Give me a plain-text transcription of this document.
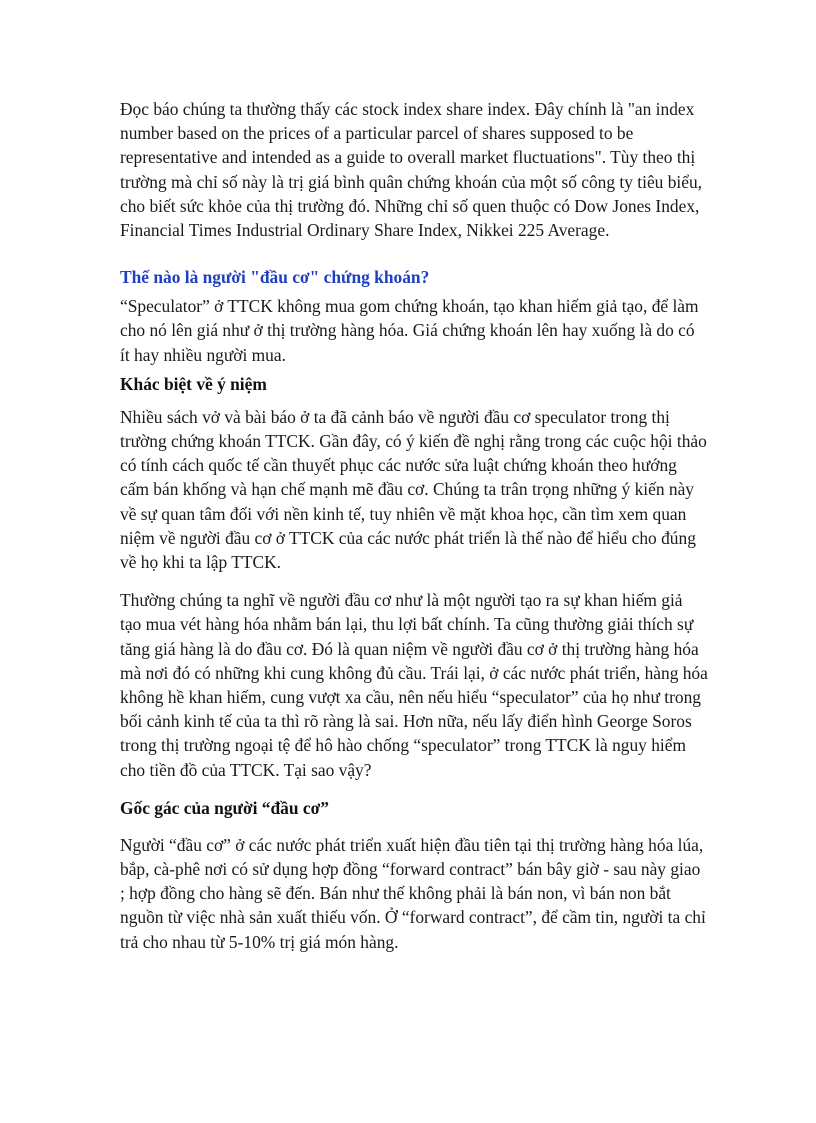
Đọc báo chúng ta thường thấy các stock index share index. Đây chính là "an index number based on the prices of a particular parcel of shares supposed to be representative and intended as a guide to overall market fluctuations". Tùy theo thị trường mà chỉ số này là trị giá bình quân chứng khoán của một số công ty tiêu biểu, cho biết sức khỏe của thị trường đó. Những chỉ số quen thuộc có Dow Jones Index, Financial Times Industrial Ordinary Share Index, Nikkei 225 Average.

Thế nào là người "đầu cơ" chứng khoán?

“Speculator” ở TTCK không mua gom chứng khoán, tạo khan hiếm giả tạo, để làm cho nó lên giá như ở thị trường hàng hóa. Giá chứng khoán lên hay xuống là do có ít hay nhiều người mua.

Khác biệt về ý niệm

Nhiều sách vở và bài báo ở ta đã cảnh báo về người đầu cơ speculator trong thị trường chứng khoán TTCK. Gần đây, có ý kiến đề nghị rằng trong các cuộc hội thảo có tính cách quốc tế cần thuyết phục các nước sửa luật chứng khoán theo hướng cấm bán khống và hạn chế mạnh mẽ đầu cơ. Chúng ta trân trọng những ý kiến này về sự quan tâm đối với nền kinh tế, tuy nhiên về mặt khoa học, cần tìm xem quan niệm về người đầu cơ ở TTCK của các nước phát triển là thế nào để hiểu cho đúng về họ khi ta lập TTCK.

Thường chúng ta nghĩ về người đầu cơ như là một người tạo ra sự khan hiếm giả tạo mua vét hàng hóa nhằm bán lại, thu lợi bất chính. Ta cũng thường giải thích sự tăng giá hàng là do đầu cơ. Đó là quan niệm về người đầu cơ ở thị trường hàng hóa mà nơi đó có những khi cung không đủ cầu. Trái lại, ở các nước phát triển, hàng hóa không hề khan hiếm, cung vượt xa cầu, nên nếu hiểu “speculator” của họ như trong bối cảnh kinh tế của ta thì rõ ràng là sai. Hơn nữa, nếu lấy điển hình George Soros trong thị trường ngoại tệ để hô hào chống “speculator” trong TTCK là nguy hiểm cho tiền đồ của TTCK. Tại sao vậy?

Gốc gác của người “đầu cơ”

Người “đầu cơ” ở các nước phát triển xuất hiện đầu tiên tại thị trường hàng hóa lúa, bắp, cà-phê nơi có sử dụng hợp đồng “forward contract” bán bây giờ - sau này giao ; hợp đồng cho hàng sẽ đến. Bán như thế không phải là bán non, vì bán non bắt nguồn từ việc nhà sản xuất thiếu vốn. Ở “forward contract”, để cầm tin, người ta chỉ trả cho nhau từ 5-10% trị giá món hàng.
